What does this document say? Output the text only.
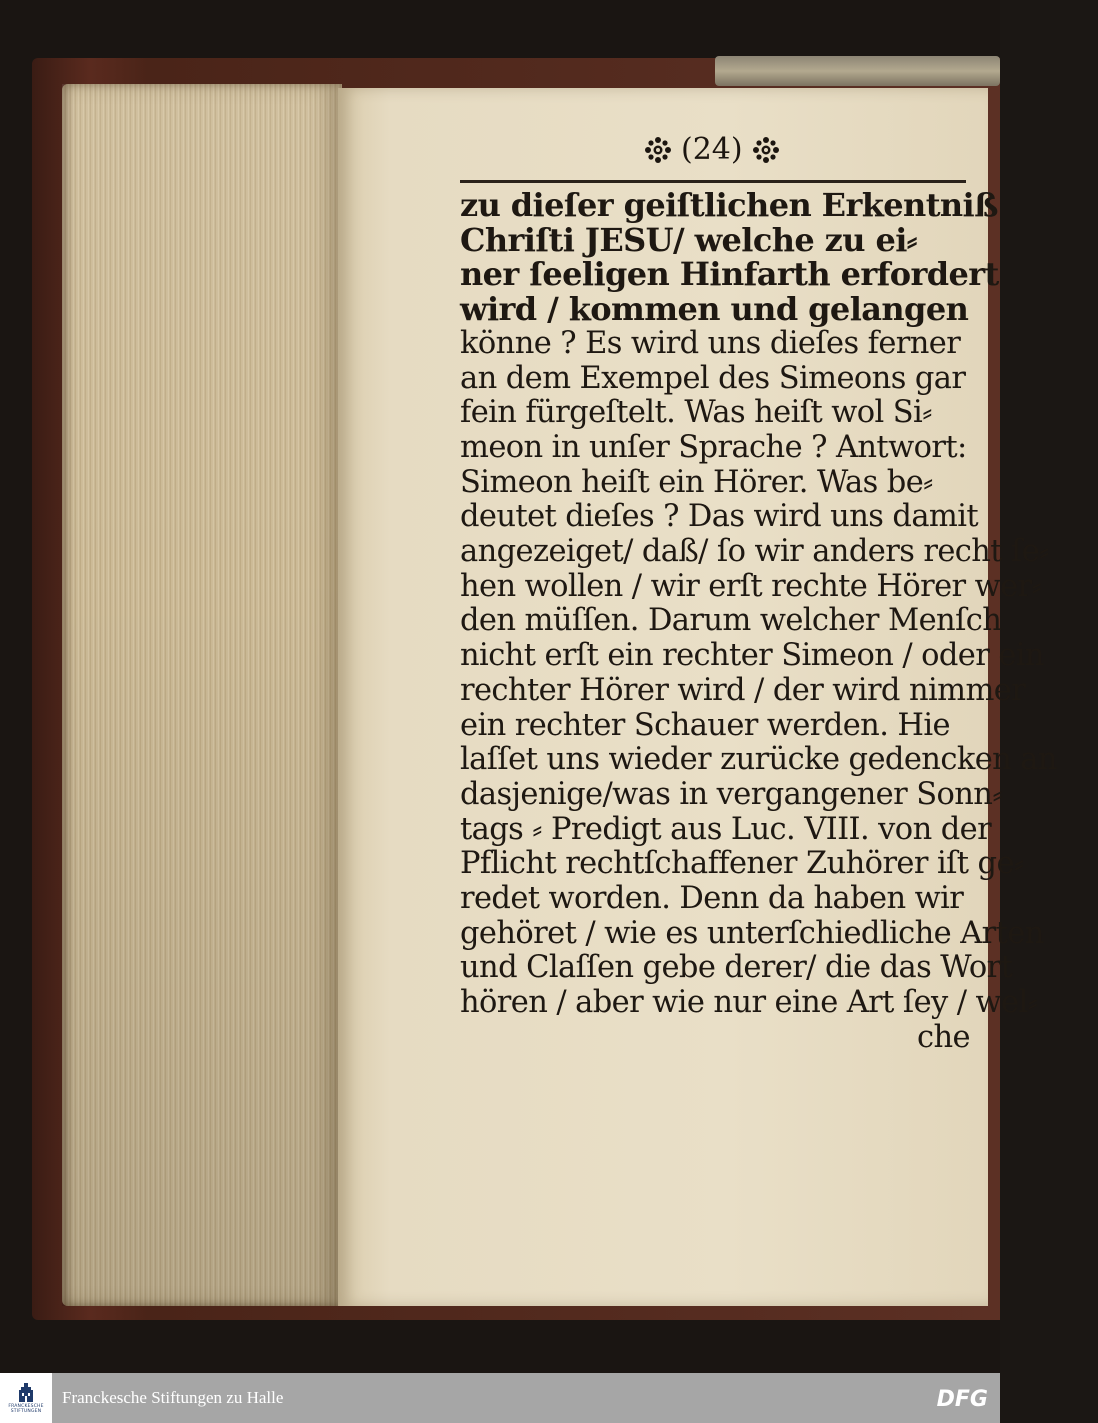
(24)
zu dieſer geiſtlichen Erkentniß
Chriſti JESU/ welche zu ei⸗
ner ſeeligen Hinfarth erfordert
wird / kommen und gelangen
könne ? Es wird uns dieſes ferner
an dem Exempel des Simeons gar
fein fürgeſtelt. Was heiſt wol Si⸗
meon in unſer Sprache ? Antwort:
Simeon heiſt ein Hörer. Was be⸗
deutet dieſes ? Das wird uns damit
angezeiget/ daß/ ſo wir anders recht ſe⸗
hen wollen / wir erſt rechte Hörer wer⸗
den müſſen. Darum welcher Menſch
nicht erſt ein rechter Simeon / oder ein
rechter Hörer wird / der wird nimmer
ein rechter Schauer werden. Hie
laſſet uns wieder zurücke gedencken an
dasjenige/was in vergangener Sonn⸗
tags ⸗ Predigt aus Luc. VIII. von der
Pflicht rechtſchaffener Zuhörer iſt ge⸗
redet worden. Denn da haben wir
gehöret / wie es unterſchiedliche Arten
und Claſſen gebe derer/ die das Wort
hören / aber wie nur eine Art ſey / wel⸗
che
FRANCKESCHE
STIFTUNGEN
Franckesche Stiftungen zu Halle	DFG
